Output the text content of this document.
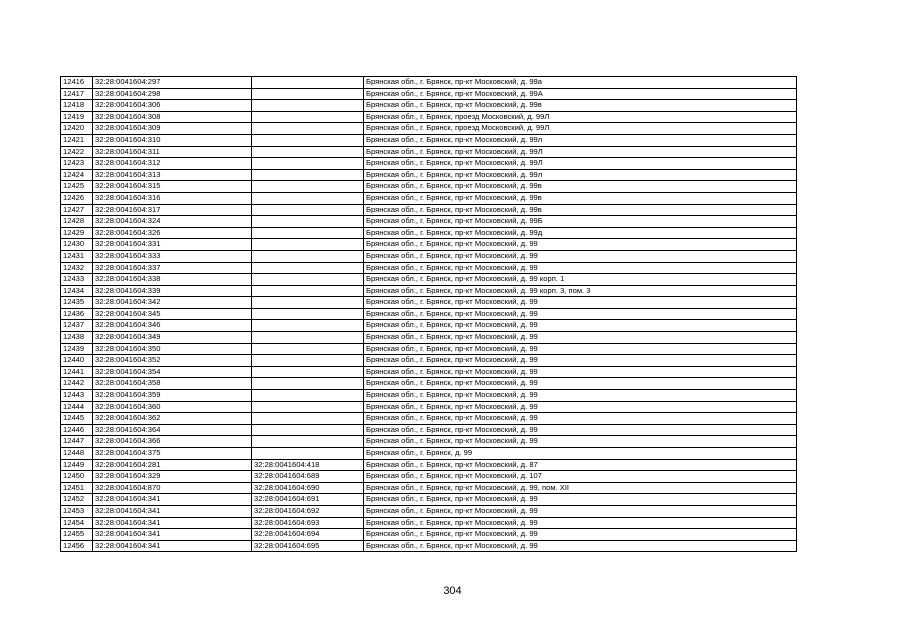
12416	32:28:0041604:297		Брянская обл., г. Брянск, пр-кт Московский, д. 99а
12417	32:28:0041604:298		Брянская обл., г. Брянск, пр-кт Московский, д. 99А
12418	32:28:0041604:306		Брянская обл., г. Брянск, пр-кт Московский, д. 99в
12419	32:28:0041604:308		Брянская обл., г. Брянск, проезд Московский, д. 99Л
12420	32:28:0041604:309		Брянская обл., г. Брянск, проезд Московский, д. 99Л
12421	32:28:0041604:310		Брянская обл., г. Брянск, пр-кт Московский, д. 99л
12422	32:28:0041604:311		Брянская обл., г. Брянск, пр-кт Московский, д. 99Л
12423	32:28:0041604:312		Брянская обл., г. Брянск, пр-кт Московский, д. 99Л
12424	32:28:0041604:313		Брянская обл., г. Брянск, пр-кт Московский, д. 99л
12425	32:28:0041604:315		Брянская обл., г. Брянск, пр-кт Московский, д. 99в
12426	32:28:0041604:316		Брянская обл., г. Брянск, пр-кт Московский, д. 99в
12427	32:28:0041604:317		Брянская обл., г. Брянск, пр-кт Московский, д. 99в
12428	32:28:0041604:324		Брянская обл., г. Брянск, пр-кт Московский, д. 99Б
12429	32:28:0041604:326		Брянская обл., г. Брянск, пр-кт Московский, д. 99д
12430	32:28:0041604:331		Брянская обл., г. Брянск, пр-кт Московский, д. 99
12431	32:28:0041604:333		Брянская обл., г. Брянск, пр-кт Московский, д. 99
12432	32:28:0041604:337		Брянская обл., г. Брянск, пр-кт Московский, д. 99
12433	32:28:0041604:338		Брянская обл., г. Брянск, пр-кт Московский, д. 99 корп. 1
12434	32:28:0041604:339		Брянская обл., г. Брянск, пр-кт Московский, д. 99 корп. 3, пом. 3
12435	32:28:0041604:342		Брянская обл., г. Брянск, пр-кт Московский, д. 99
12436	32:28:0041604:345		Брянская обл., г. Брянск, пр-кт Московский, д. 99
12437	32:28:0041604:346		Брянская обл., г. Брянск, пр-кт Московский, д. 99
12438	32:28:0041604:349		Брянская обл., г. Брянск, пр-кт Московский, д. 99
12439	32:28:0041604:350		Брянская обл., г. Брянск, пр-кт Московский, д. 99
12440	32:28:0041604:352		Брянская обл., г. Брянск, пр-кт Московский, д. 99
12441	32:28:0041604:354		Брянская обл., г. Брянск, пр-кт Московский, д. 99
12442	32:28:0041604:358		Брянская обл., г. Брянск, пр-кт Московский, д. 99
12443	32:28:0041604:359		Брянская обл., г. Брянск, пр-кт Московский, д. 99
12444	32:28:0041604:360		Брянская обл., г. Брянск, пр-кт Московский, д. 99
12445	32:28:0041604:362		Брянская обл., г. Брянск, пр-кт Московский, д. 99
12446	32:28:0041604:364		Брянская обл., г. Брянск, пр-кт Московский, д. 99
12447	32:28:0041604:366		Брянская обл., г. Брянск, пр-кт Московский, д. 99
12448	32:28:0041604:375		Брянская обл., г. Брянск, д. 99
12449	32:28:0041604:281	32:28:0041604:418	Брянская обл., г. Брянск, пр-кт Московский, д. 87
12450	32:28:0041604:329	32:28:0041604:689	Брянская обл., г. Брянск, пр-кт Московский, д. 107
12451	32:28:0041604:870	32:28:0041604:690	Брянская обл., г. Брянск, пр-кт Московский, д. 99, пом. XII
12452	32:28:0041604:341	32:28:0041604:691	Брянская обл., г. Брянск, пр-кт Московский, д. 99
12453	32:28:0041604:341	32:28:0041604:692	Брянская обл., г. Брянск, пр-кт Московский, д. 99
12454	32:28:0041604:341	32:28:0041604:693	Брянская обл., г. Брянск, пр-кт Московский, д. 99
12455	32:28:0041604:341	32:28:0041604:694	Брянская обл., г. Брянск, пр-кт Московский, д. 99
12456	32:28:0041604:341	32:28:0041604:695	Брянская обл., г. Брянск, пр-кт Московский, д. 99
304
